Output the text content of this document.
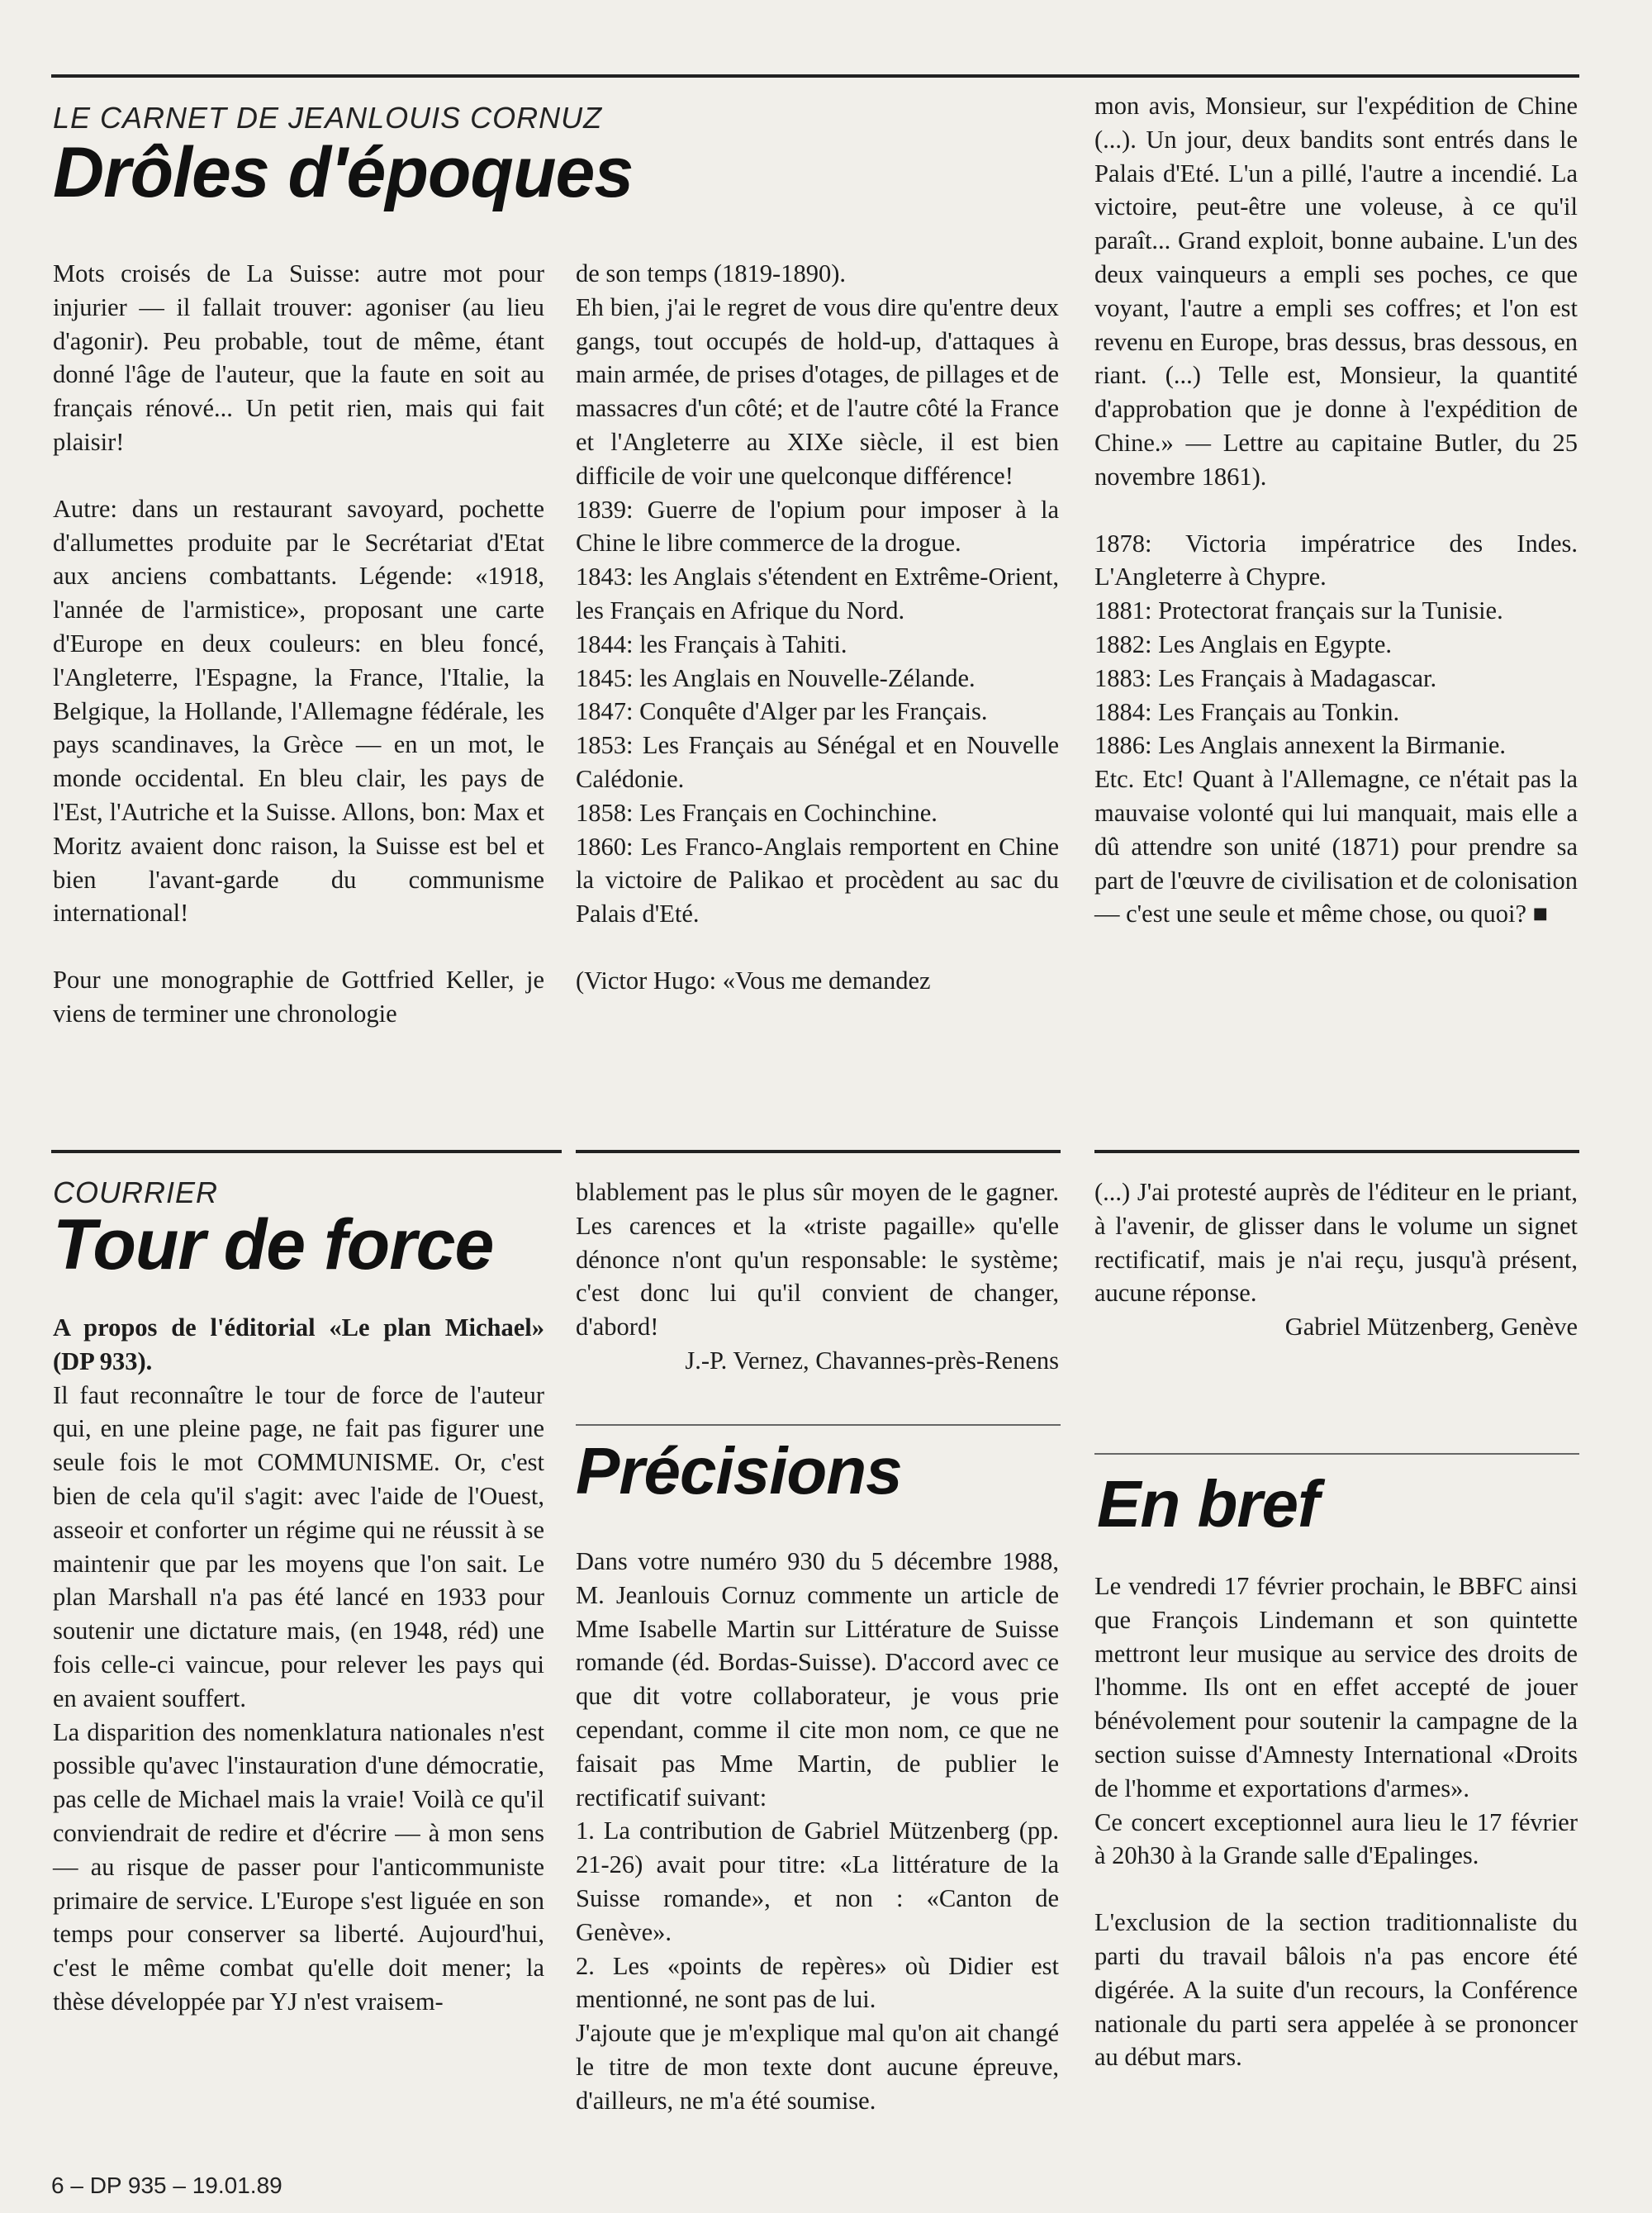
LE CARNET DE JEANLOUIS CORNUZ
Drôles d'époques

Mots croisés de La Suisse: autre mot pour injurier — il fallait trouver: agoniser (au lieu d'agonir). Peu probable, tout de même, étant donné l'âge de l'auteur, que la faute en soit au français rénové... Un petit rien, mais qui fait plaisir!

Autre: dans un restaurant savoyard, pochette d'allumettes produite par le Secrétariat d'Etat aux anciens combattants. Légende: «1918, l'année de l'armistice», proposant une carte d'Europe en deux couleurs: en bleu foncé, l'Angleterre, l'Espagne, la France, l'Italie, la Belgique, la Hollande, l'Allemagne fédérale, les pays scandinaves, la Grèce — en un mot, le monde occidental. En bleu clair, les pays de l'Est, l'Autriche et la Suisse. Allons, bon: Max et Moritz avaient donc raison, la Suisse est bel et bien l'avant-garde du communisme international!

Pour une monographie de Gottfried Keller, je viens de terminer une chronologie

de son temps (1819-1890).

Eh bien, j'ai le regret de vous dire qu'entre deux gangs, tout occupés de hold-up, d'attaques à main armée, de prises d'otages, de pillages et de massacres d'un côté; et de l'autre côté la France et l'Angleterre au XIXe siècle, il est bien difficile de voir une quelconque différence!

1839: Guerre de l'opium pour imposer à la Chine le libre commerce de la drogue.

1843: les Anglais s'étendent en Extrême-Orient, les Français en Afrique du Nord.

1844: les Français à Tahiti.

1845: les Anglais en Nouvelle-Zélande.

1847: Conquête d'Alger par les Français.

1853: Les Français au Sénégal et en Nouvelle Calédonie.

1858: Les Français en Cochinchine.

1860: Les Franco-Anglais remportent en Chine la victoire de Palikao et procèdent au sac du Palais d'Eté.

(Victor Hugo: «Vous me demandez

mon avis, Monsieur, sur l'expédition de Chine (...). Un jour, deux bandits sont entrés dans le Palais d'Eté. L'un a pillé, l'autre a incendié. La victoire, peut-être une voleuse, à ce qu'il paraît... Grand exploit, bonne aubaine. L'un des deux vainqueurs a empli ses poches, ce que voyant, l'autre a empli ses coffres; et l'on est revenu en Europe, bras dessus, bras dessous, en riant. (...) Telle est, Monsieur, la quantité d'approbation que je donne à l'expédition de Chine.» — Lettre au capitaine Butler, du 25 novembre 1861).

1878: Victoria impératrice des Indes. L'Angleterre à Chypre.

1881: Protectorat français sur la Tunisie.

1882: Les Anglais en Egypte.

1883: Les Français à Madagascar.

1884: Les Français au Tonkin.

1886: Les Anglais annexent la Birmanie.

Etc. Etc! Quant à l'Allemagne, ce n'était pas la mauvaise volonté qui lui manquait, mais elle a dû attendre son unité (1871) pour prendre sa part de l'œuvre de civilisation et de colonisation — c'est une seule et même chose, ou quoi? ■

COURRIER
Tour de force

A propos de l'éditorial «Le plan Michael» (DP 933).

Il faut reconnaître le tour de force de l'auteur qui, en une pleine page, ne fait pas figurer une seule fois le mot COMMUNISME. Or, c'est bien de cela qu'il s'agit: avec l'aide de l'Ouest, asseoir et conforter un régime qui ne réussit à se maintenir que par les moyens que l'on sait. Le plan Marshall n'a pas été lancé en 1933 pour soutenir une dictature mais, (en 1948, réd) une fois celle-ci vaincue, pour relever les pays qui en avaient souffert.

La disparition des nomenklatura nationales n'est possible qu'avec l'instauration d'une démocratie, pas celle de Michael mais la vraie! Voilà ce qu'il conviendrait de redire et d'écrire — à mon sens — au risque de passer pour l'anticommuniste primaire de service. L'Europe s'est liguée en son temps pour conserver sa liberté. Aujourd'hui, c'est le même combat qu'elle doit mener; la thèse développée par YJ n'est vraisem-

blablement pas le plus sûr moyen de le gagner. Les carences et la «triste pagaille» qu'elle dénonce n'ont qu'un responsable: le système; c'est donc lui qu'il convient de changer, d'abord!

J.-P. Vernez, Chavannes-près-Renens

Précisions

Dans votre numéro 930 du 5 décembre 1988, M. Jeanlouis Cornuz commente un article de Mme Isabelle Martin sur Littérature de Suisse romande (éd. Bordas-Suisse). D'accord avec ce que dit votre collaborateur, je vous prie cependant, comme il cite mon nom, ce que ne faisait pas Mme Martin, de publier le rectificatif suivant:

1. La contribution de Gabriel Mützenberg (pp. 21-26) avait pour titre: «La littérature de la Suisse romande», et non : «Canton de Genève».

2. Les «points de repères» où Didier est mentionné, ne sont pas de lui.

J'ajoute que je m'explique mal qu'on ait changé le titre de mon texte dont aucune épreuve, d'ailleurs, ne m'a été soumise.

(...) J'ai protesté auprès de l'éditeur en le priant, à l'avenir, de glisser dans le volume un signet rectificatif, mais je n'ai reçu, jusqu'à présent, aucune réponse.

Gabriel Mützenberg, Genève

En bref

Le vendredi 17 février prochain, le BBFC ainsi que François Lindemann et son quintette mettront leur musique au service des droits de l'homme. Ils ont en effet accepté de jouer bénévolement pour soutenir la campagne de la section suisse d'Amnesty International «Droits de l'homme et exportations d'armes».

Ce concert exceptionnel aura lieu le 17 février à 20h30 à la Grande salle d'Epalinges.

L'exclusion de la section traditionnaliste du parti du travail bâlois n'a pas encore été digérée. A la suite d'un recours, la Conférence nationale du parti sera appelée à se prononcer au début mars.

6 – DP 935 – 19.01.89
